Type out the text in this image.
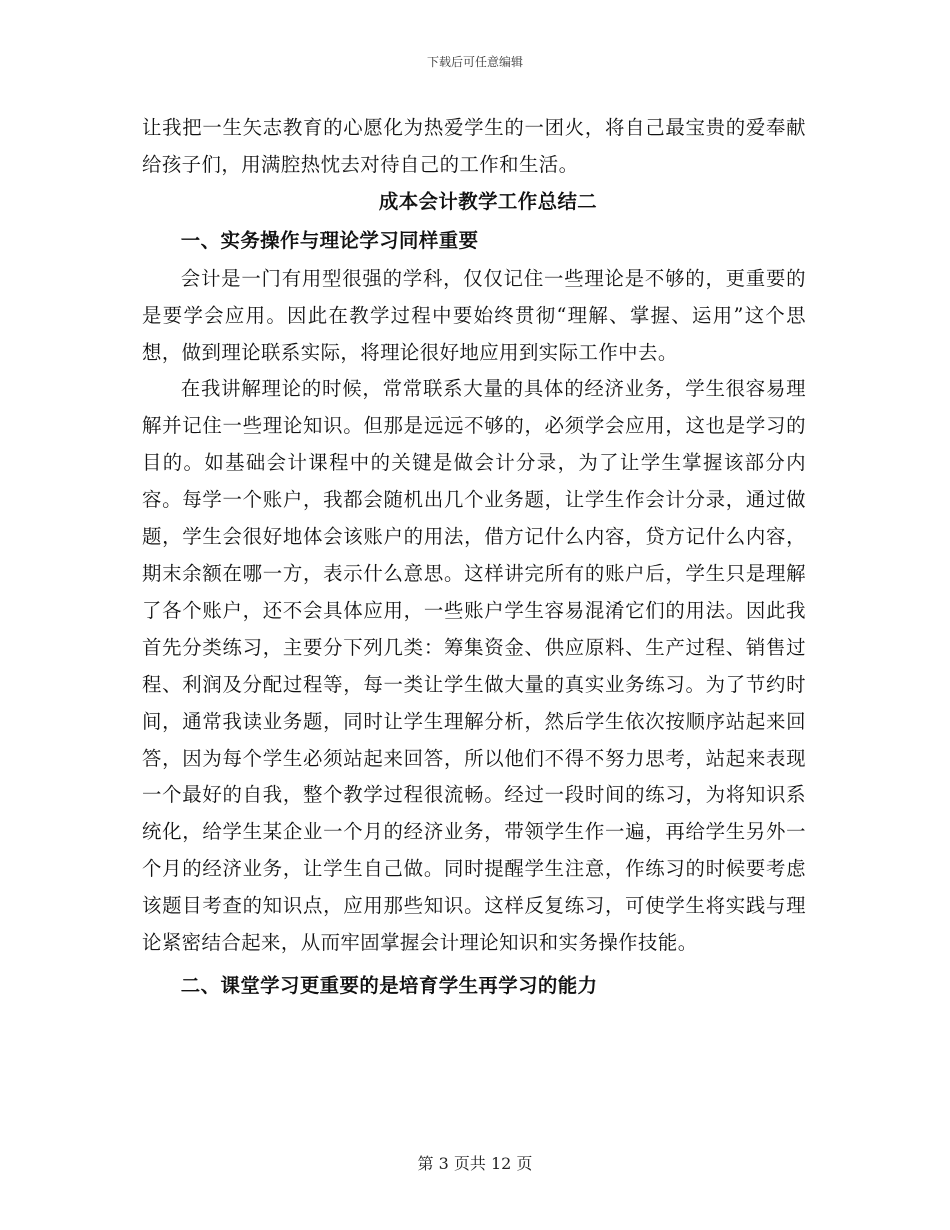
下载后可任意编辑

让我把一生矢志教育的心愿化为热爱学生的一团火，将自己最宝贵的爱奉献给孩子们，用满腔热忱去对待自己的工作和生活。

成本会计教学工作总结二
一、实务操作与理论学习同样重要

会计是一门有用型很强的学科，仅仅记住一些理论是不够的，更重要的是要学会应用。因此在教学过程中要始终贯彻“理解、掌握、运用”这个思想，做到理论联系实际，将理论很好地应用到实际工作中去。

在我讲解理论的时候，常常联系大量的具体的经济业务，学生很容易理解并记住一些理论知识。但那是远远不够的，必须学会应用，这也是学习的目的。如基础会计课程中的关键是做会计分录，为了让学生掌握该部分内容。每学一个账户，我都会随机出几个业务题，让学生作会计分录，通过做题，学生会很好地体会该账户的用法，借方记什么内容，贷方记什么内容，期末余额在哪一方，表示什么意思。这样讲完所有的账户后，学生只是理解了各个账户，还不会具体应用，一些账户学生容易混淆它们的用法。因此我首先分类练习，主要分下列几类：筹集资金、供应原料、生产过程、销售过程、利润及分配过程等，每一类让学生做大量的真实业务练习。为了节约时间，通常我读业务题，同时让学生理解分析，然后学生依次按顺序站起来回答，因为每个学生必须站起来回答，所以他们不得不努力思考，站起来表现一个最好的自我，整个教学过程很流畅。经过一段时间的练习，为将知识系统化，给学生某企业一个月的经济业务，带领学生作一遍，再给学生另外一个月的经济业务，让学生自己做。同时提醒学生注意，作练习的时候要考虑该题目考查的知识点，应用那些知识。这样反复练习，可使学生将实践与理论紧密结合起来，从而牢固掌握会计理论知识和实务操作技能。

二、课堂学习更重要的是培育学生再学习的能力
第 3 页共 12 页
